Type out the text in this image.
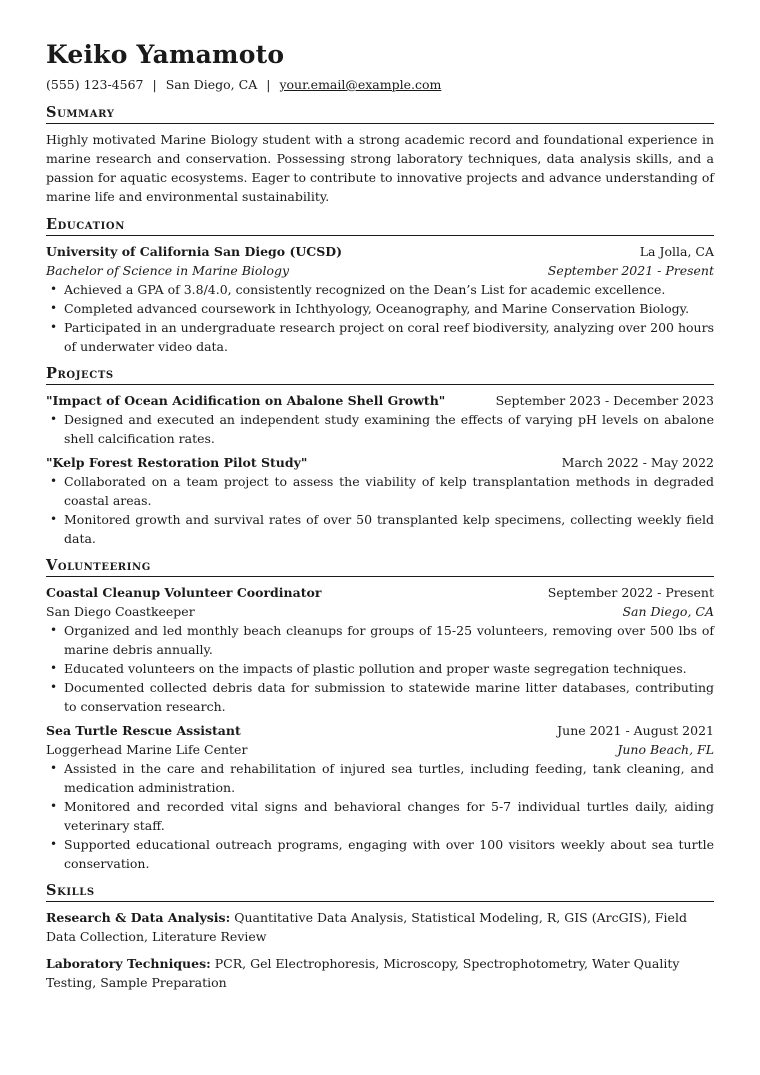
Keiko Yamamoto
(555) 123-4567 | San Diego, CA | your.email@example.com
Summary
Highly motivated Marine Biology student with a strong academic record and foundational experience in marine research and conservation. Possessing strong laboratory techniques, data analysis skills, and a passion for aquatic ecosystems. Eager to contribute to innovative projects and advance understanding of marine life and environmental sustainability.
Education
University of California San Diego (UCSD)	La Jolla, CA
Bachelor of Science in Marine Biology	September 2021 - Present
• Achieved a GPA of 3.8/4.0, consistently recognized on the Dean’s List for academic excellence.
• Completed advanced coursework in Ichthyology, Oceanography, and Marine Conservation Biology.
• Participated in an undergraduate research project on coral reef biodiversity, analyzing over 200 hours of underwater video data.
Projects
"Impact of Ocean Acidification on Abalone Shell Growth"	September 2023 - December 2023
• Designed and executed an independent study examining the effects of varying pH levels on abalone shell calcification rates.
"Kelp Forest Restoration Pilot Study"	March 2022 - May 2022
• Collaborated on a team project to assess the viability of kelp transplantation methods in degraded coastal areas.
• Monitored growth and survival rates of over 50 transplanted kelp specimens, collecting weekly field data.
Volunteering
Coastal Cleanup Volunteer Coordinator	September 2022 - Present
San Diego Coastkeeper	San Diego, CA
• Organized and led monthly beach cleanups for groups of 15-25 volunteers, removing over 500 lbs of marine debris annually.
• Educated volunteers on the impacts of plastic pollution and proper waste segregation techniques.
• Documented collected debris data for submission to statewide marine litter databases, contributing to conservation research.
Sea Turtle Rescue Assistant	June 2021 - August 2021
Loggerhead Marine Life Center	Juno Beach, FL
• Assisted in the care and rehabilitation of injured sea turtles, including feeding, tank cleaning, and medication administration.
• Monitored and recorded vital signs and behavioral changes for 5-7 individual turtles daily, aiding veterinary staff.
• Supported educational outreach programs, engaging with over 100 visitors weekly about sea turtle conservation.
Skills
Research & Data Analysis: Quantitative Data Analysis, Statistical Modeling, R, GIS (ArcGIS), Field Data Collection, Literature Review
Laboratory Techniques: PCR, Gel Electrophoresis, Microscopy, Spectrophotometry, Water Quality Testing, Sample Preparation
